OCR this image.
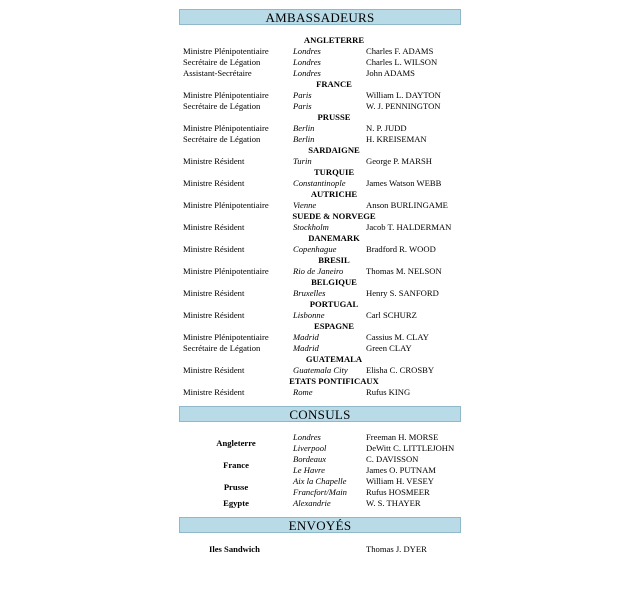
AMBASSADEURS
ANGLETERRE
Ministre Plénipotentiaire	Londres	Charles F. ADAMS
Secrétaire de Légation	Londres	Charles L. WILSON
Assistant-Secrétaire	Londres	John ADAMS
FRANCE
Ministre Plénipotentiaire	Paris	William L. DAYTON
Secrétaire de Légation	Paris	W. J. PENNINGTON
PRUSSE
Ministre Plénipotentiaire	Berlin	N. P. JUDD
Secrétaire de Légation	Berlin	H. KREISEMAN
SARDAIGNE
Ministre Résident	Turin	George P. MARSH
TURQUIE
Ministre Résident	Constantinople James Watson WEBB
AUTRICHE
Ministre Plénipotentiaire	Vienne	Anson BURLINGAME
SUEDE & NORVEGE
Ministre Résident	Stockholm	Jacob T. HALDERMAN
DANEMARK
Ministre Résident	Copenhague	Bradford R. WOOD
BRESIL
Ministre Plénipotentiaire	Rio de Janeiro	Thomas M. NELSON
BELGIQUE
Ministre Résident	Bruxelles	Henry S. SANFORD
PORTUGAL
Ministre Résident	Lisbonne	Carl SCHURZ
ESPAGNE
Ministre Plénipotentiaire	Madrid	Cassius M. CLAY
Secrétaire de Légation	Madrid	Green CLAY
GUATEMALA
Ministre Résident	Guatemala City Elisha C. CROSBY
ETATS PONTIFICAUX
Ministre Résident	Rome	Rufus KING
CONSULS
Angleterre
Londres	Freeman H. MORSE
Liverpool	DeWitt C. LITTLEJOHN
France
Bordeaux	C. DAVISSON
Le Havre	James O. PUTNAM
Prusse
Aix la Chapelle William H. VESEY
Francfort/Main Rufus HOSMEER
Egypte	Alexandrie	W. S. THAYER
ENVOYÉS
Iles Sandwich	Thomas J. DYER
